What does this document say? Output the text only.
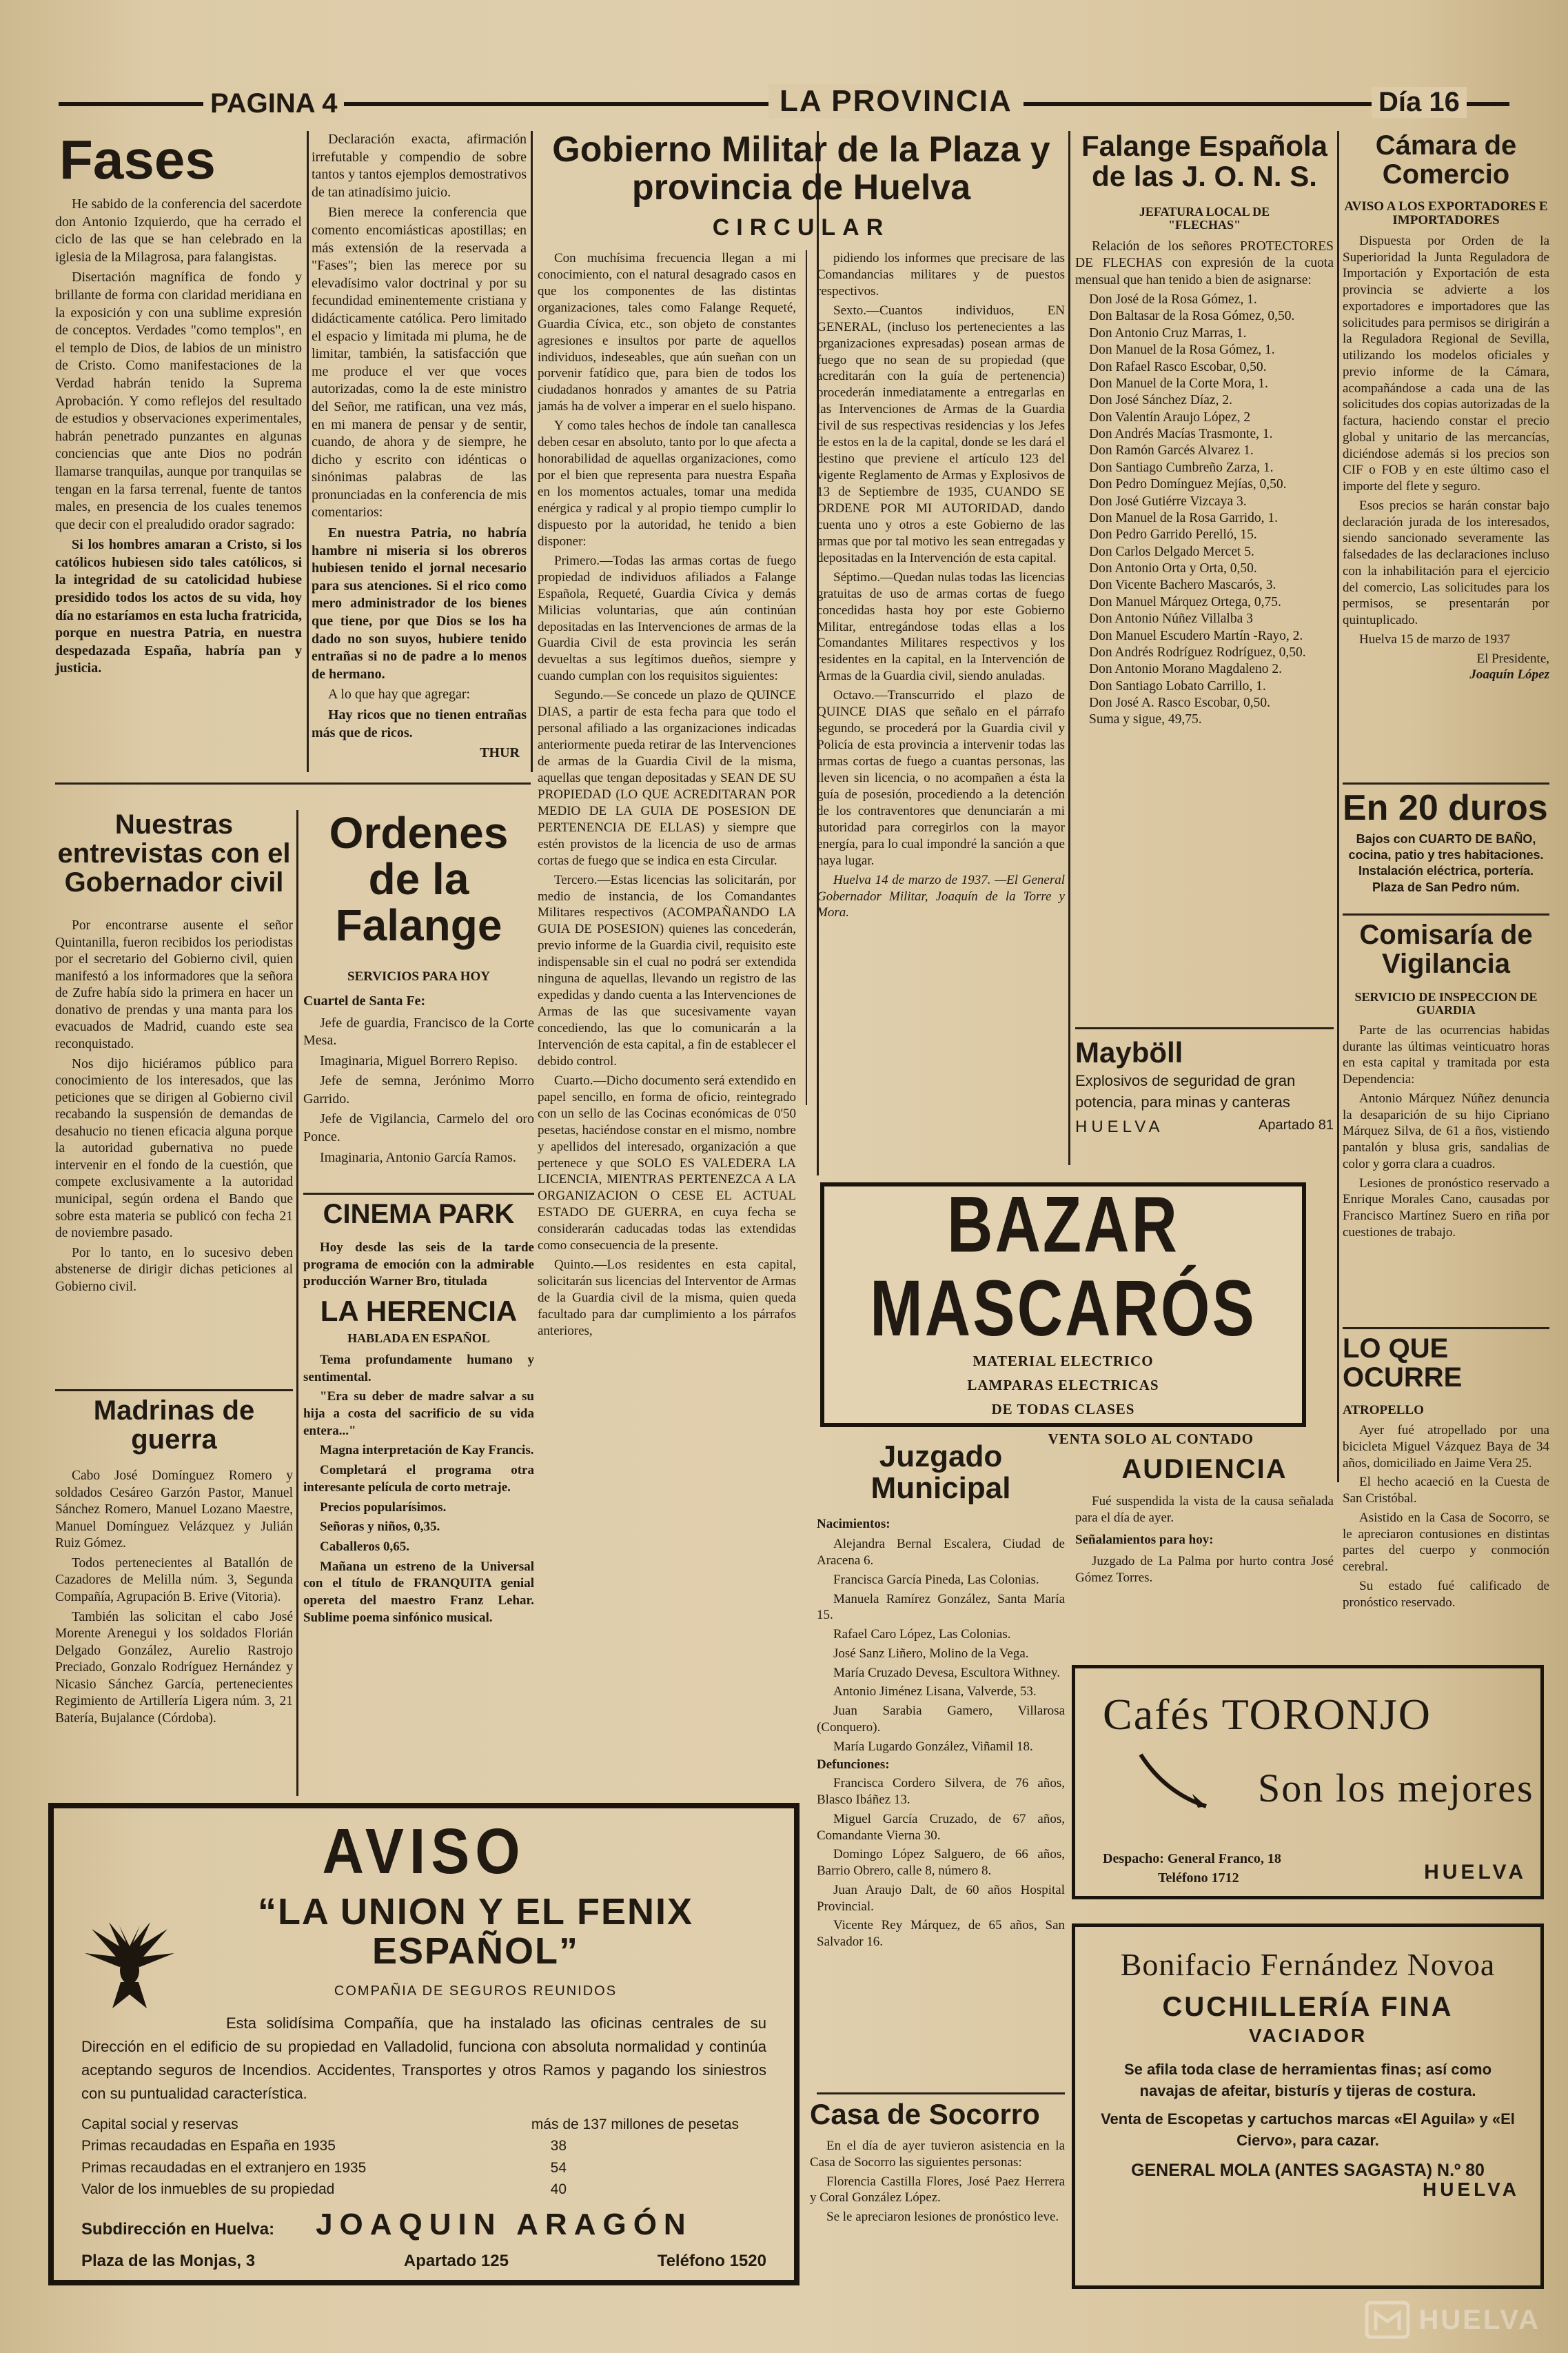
PAGINA 4	LA PROVINCIA	Día 16
Fases

He sabido de la conferencia del sacerdote don Antonio Izquierdo, que ha cerrado el ciclo de las que se han celebrado en la iglesia de la Milagrosa, para falangistas.

Disertación magnífica de fondo y brillante de forma con claridad meridiana en la exposición y con una sublime expresión de conceptos. Verdades "como templos", en el templo de Dios, de labios de un ministro de Cristo. Como manifestaciones de la Verdad habrán tenido la Suprema Aprobación. Y como reflejos del resultado de estudios y observaciones experimentales, habrán penetrado punzantes en algunas conciencias que ante Dios no podrán llamarse tranquilas, aunque por tranquilas se tengan en la farsa terrenal, fuente de tantos males, en presencia de los cuales tenemos que decir con el prealudido orador sagrado:

Si los hombres amaran a Cristo, si los católicos hubiesen sido tales católicos, si la integridad de su catolicidad hubiese presidido todos los actos de su vida, hoy día no estaríamos en esta lucha fratricida, porque en nuestra Patria, en nuestra despedazada España, habría pan y justicia.

Declaración exacta, afirmación irrefutable y compendio de sobre tantos y tantos ejemplos demostrativos de tan atinadísimo juicio.

Bien merece la conferencia que comento encomiásticas apostillas; en más extensión de la reservada a "Fases"; bien las merece por su elevadísimo valor doctrinal y por su fecundidad eminentemente cristiana y didácticamente católica. Pero limitado el espacio y limitada mi pluma, he de limitar, también, la satisfacción que me produce el ver que voces autorizadas, como la de este ministro del Señor, me ratifican, una vez más, en mi manera de pensar y de sentir, cuando, de ahora y de siempre, he dicho y escrito con idénticas o sinónimas palabras de las pronunciadas en la conferencia de mis comentarios:

En nuestra Patria, no habría hambre ni miseria si los obreros hubiesen tenido el jornal necesario para sus atenciones. Si el rico como mero administrador de los bienes que tiene, por que Dios se los ha dado no son suyos, hubiere tenido entrañas si no de padre a lo menos de hermano.

A lo que hay que agregar:

Hay ricos que no tienen entrañas más que de ricos.

THUR
Gobierno Militar de la Plaza y provincia de Huelva
CIRCULAR

Con muchísima frecuencia llegan a mi conocimiento, con el natural desagrado casos en que los componentes de las distintas organizaciones, tales como Falange Requeté, Guardia Cívica, etc., son objeto de constantes agresiones e insultos por parte de aquellos individuos, indeseables, que aún sueñan con un porvenir fatídico que, para bien de todos los ciudadanos honrados y amantes de su Patria jamás ha de volver a imperar en el suelo hispano.

Y como tales hechos de índole tan canallesca deben cesar en absoluto, tanto por lo que afecta a honorabilidad de aquellas organizaciones, como por el bien que representa para nuestra España en los momentos actuales, tomar una medida enérgica y radical y al propio tiempo cumplir lo dispuesto por la autoridad, he tenido a bien disponer:

Primero.—Todas las armas cortas de fuego propiedad de individuos afiliados a Falange Española, Requeté, Guardia Cívica y demás Milicias voluntarias, que aún continúan depositadas en las Intervenciones de armas de la Guardia Civil de esta provincia les serán devueltas a sus legítimos dueños, siempre y cuando cumplan con los requisitos siguientes:

Segundo.—Se concede un plazo de QUINCE DIAS, a partir de esta fecha para que todo el personal afiliado a las organizaciones indicadas anteriormente pueda retirar de las Intervenciones de armas de la Guardia Civil de la misma, aquellas que tengan depositadas y SEAN DE SU PROPIEDAD (LO QUE ACREDITARAN POR MEDIO DE LA GUIA DE POSESION DE PERTENENCIA DE ELLAS) y siempre que estén provistos de la licencia de uso de armas cortas de fuego que se indica en esta Circular.

Tercero.—Estas licencias las solicitarán, por medio de instancia, de los Comandantes Militares respectivos (ACOMPAÑANDO LA GUIA DE POSESION) quienes las concederán, previo informe de la Guardia civil, requisito este indispensable sin el cual no podrá ser extendida ninguna de aquellas, llevando un registro de las expedidas y dando cuenta a las Intervenciones de Armas de las que sucesivamente vayan concediendo, las que lo comunicarán a la Intervención de esta capital, a fin de establecer el debido control.

Cuarto.—Dicho documento será extendido en papel sencillo, en forma de oficio, reintegrado con un sello de las Cocinas económicas de 0'50 pesetas, haciéndose constar en el mismo, nombre y apellidos del interesado, organización a que pertenece y que SOLO ES VALEDERA LA LICENCIA, MIENTRAS PERTENEZCA A LA ORGANIZACION O CESE EL ACTUAL ESTADO DE GUERRA, en cuya fecha se considerarán caducadas todas las extendidas como consecuencia de la presente.

Quinto.—Los residentes en esta capital, solicitarán sus licencias del Interventor de Armas de la Guardia civil de la misma, quien queda facultado para dar cumplimiento a los párrafos anteriores,

pidiendo los informes que precisare de las Comandancias militares y de puestos respectivos.

Sexto.—Cuantos individuos, EN GENERAL, (incluso los pertenecientes a las organizaciones expresadas) posean armas de fuego que no sean de su propiedad (que acreditarán con la guía de pertenencia) procederán inmediatamente a entregarlas en las Intervenciones de Armas de la Guardia civil de sus respectivas residencias y los Jefes de estos en la de la capital, donde se les dará el destino que previene el artículo 123 del vigente Reglamento de Armas y Explosivos de 13 de Septiembre de 1935, CUANDO SE ORDENE POR MI AUTORIDAD, dando cuenta uno y otros a este Gobierno de las armas que por tal motivo les sean entregadas y depositadas en la Intervención de esta capital.

Séptimo.—Quedan nulas todas las licencias gratuitas de uso de armas cortas de fuego concedidas hasta hoy por este Gobierno Militar, entregándose todas ellas a los Comandantes Militares respectivos y los residentes en la capital, en la Intervención de Armas de la Guardia civil, siendo anuladas.

Octavo.—Transcurrido el plazo de QUINCE DIAS que señalo en el párrafo segundo, se procederá por la Guardia civil y Policía de esta provincia a intervenir todas las armas cortas de fuego a cuantas personas, las lleven sin licencia, o no acompañen a ésta la guía de posesión, procediendo a la detención de los contraventores que denunciarán a mi autoridad para corregirlos con la mayor energía, para lo cual impondré la sanción a que haya lugar.

Huelva 14 de marzo de 1937. —El General Gobernador Militar, Joaquín de la Torre y Mora.

Falange Española de las J. O. N. S.
JEFATURA LOCAL DE "FLECHAS"

Relación de los señores PROTECTORES DE FLECHAS con expresión de la cuota mensual que han tenido a bien de asignarse:

Don José de la Rosa Gómez, 1.
Don Baltasar de la Rosa Gómez, 0,50.
Don Antonio Cruz Marras, 1.
Don Manuel de la Rosa Gómez, 1.
Don Rafael Rasco Escobar, 0,50.
Don Manuel de la Corte Mora, 1.
Don José Sánchez Díaz, 2.
Don Valentín Araujo López, 2
Don Andrés Macías Trasmonte, 1.
Don Ramón Garcés Alvarez 1.
Don Santiago Cumbreño Zarza, 1.
Don Pedro Domínguez Mejías, 0,50.
Don José Gutiérre Vizcaya 3.
Don Manuel de la Rosa Garrido, 1.
Don Pedro Garrido Perelló, 15.
Don Carlos Delgado Mercet 5.
Don Antonio Orta y Orta, 0,50.
Don Vicente Bachero Mascarós, 3.
Don Manuel Márquez Ortega, 0,75.
Don Antonio Núñez Villalba 3
Don Manuel Escudero Martín -Rayo, 2.
Don Andrés Rodríguez Rodríguez, 0,50.
Don Antonio Morano Magdaleno 2.
Don Santiago Lobato Carrillo, 1.
Don José A. Rasco Escobar, 0,50.
Suma y sigue, 49,75.
Mayböll
Explosivos de seguridad de gran potencia, para minas y canteras
HUELVA	Apartado 81
Cámara de Comercio
AVISO A LOS EXPORTADORES E IMPORTADORES

Dispuesta por Orden de la Superioridad la Junta Reguladora de Importación y Exportación de esta provincia se advierte a los exportadores e importadores que las solicitudes para permisos se dirigirán a la Reguladora Regional de Sevilla, utilizando los modelos oficiales y previo informe de la Cámara, acompañándose a cada una de las solicitudes dos copias autorizadas de la factura, haciendo constar el precio global y unitario de las mercancías, diciéndose además si los precios son CIF o FOB y en este último caso el importe del flete y seguro.

Esos precios se harán constar bajo declaración jurada de los interesados, siendo sancionado severamente las falsedades de las declaraciones incluso con la inhabilitación para el ejercicio del comercio, Las solicitudes para los permisos, se presentarán por quintuplicado.

Huelva 15 de marzo de 1937

El Presidente,
Joaquín López
En 20 duros
Bajos con CUARTO DE BAÑO, cocina, patio y tres habitaciones. Instalación eléctrica, portería. Plaza de San Pedro núm.
Comisaría de Vigilancia
SERVICIO DE INSPECCION DE GUARDIA

Parte de las ocurrencias habidas durante las últimas veinticuatro horas en esta capital y tramitada por esta Dependencia:

Antonio Márquez Núñez denuncia la desaparición de su hijo Cipriano Márquez Silva, de 61 a ños, vistiendo pantalón y blusa gris, sandalias de color y gorra clara a cuadros.

Lesiones de pronóstico reservado a Enrique Morales Cano, causadas por Francisco Martínez Suero en riña por cuestiones de trabajo.

LO QUE OCURRE
ATROPELLO

Ayer fué atropellado por una bicicleta Miguel Vázquez Baya de 34 años, domiciliado en Jaime Vera 25.

El hecho acaeció en la Cuesta de San Cristóbal.

Asistido en la Casa de Socorro, se le apreciaron contusiones en distintas partes del cuerpo y conmoción cerebral.

Su estado fué calificado de pronóstico reservado.

Nuestras entrevistas con el Gobernador civil

Por encontrarse ausente el señor Quintanilla, fueron recibidos los periodistas por el secretario del Gobierno civil, quien manifestó a los informadores que la señora de Zufre había sido la primera en hacer un donativo de prendas y una manta para los evacuados de Madrid, cuando este sea reconquistado.

Nos dijo hiciéramos público para conocimiento de los interesados, que las peticiones que se dirigen al Gobierno civil recabando la suspensión de demandas de desahucio no tienen eficacia alguna porque la autoridad gubernativa no puede intervenir en el fondo de la cuestión, que compete exclusivamente a la autoridad municipal, según ordena el Bando que sobre esta materia se publicó con fecha 21 de noviembre pasado.

Por lo tanto, en lo sucesivo deben abstenerse de dirigir dichas peticiones al Gobierno civil.

Madrinas de guerra

Cabo José Domínguez Romero y soldados Cesáreo Garzón Pastor, Manuel Sánchez Romero, Manuel Lozano Maestre, Manuel Domínguez Velázquez y Julián Ruiz Gómez.

Todos pertenecientes al Batallón de Cazadores de Melilla núm. 3, Segunda Compañía, Agrupación B. Erive (Vitoria).

También las solicitan el cabo José Morente Arenegui y los soldados Florián Delgado González, Aurelio Rastrojo Preciado, Gonzalo Rodríguez Hernández y Nicasio Sánchez García, pertenecientes Regimiento de Artillería Ligera núm. 3, 21 Batería, Bujalance (Córdoba).

Ordenes de la Falange
SERVICIOS PARA HOY
Cuartel de Santa Fe:

Jefe de guardia, Francisco de la Corte Mesa.

Imaginaria, Miguel Borrero Repiso.

Jefe de semna, Jerónimo Morro Garrido.

Jefe de Vigilancia, Carmelo del oro Ponce.

Imaginaria, Antonio García Ramos.

CINEMA PARK

Hoy desde las seis de la tarde programa de emoción con la admirable producción Warner Bro, titulada

LA HERENCIA
HABLADA EN ESPAÑOL

Tema profundamente humano y sentimental.

"Era su deber de madre salvar a su hija a costa del sacrificio de su vida entera..."

Magna interpretación de Kay Francis.

Completará el programa otra interesante película de corto metraje.

Precios popularísimos.

Señoras y niños, 0,35.

Caballeros 0,65.

Mañana un estreno de la Universal con el título de FRANQUITA genial opereta del maestro Franz Lehar. Sublime poema sinfónico musical.

BAZAR MASCARÓS
MATERIAL ELECTRICO
LAMPARAS ELECTRICAS
DE TODAS CLASES
VENTA SOLO AL CONTADO
Juzgado Municipal
Nacimientos:

Alejandra Bernal Escalera, Ciudad de Aracena 6.

Francisca García Pineda, Las Colonias.

Manuela Ramírez González, Santa María 15.

Rafael Caro López, Las Colonias.

José Sanz Liñero, Molino de la Vega.

María Cruzado Devesa, Escultora Withney.

Antonio Jiménez Lisana, Valverde, 53.

Juan Sarabia Gamero, Villarosa (Conquero).

María Lugardo González, Viñamil 18.

Defunciones:

Francisca Cordero Silvera, de 76 años, Blasco Ibáñez 13.

Miguel García Cruzado, de 67 años, Comandante Vierna 30.

Domingo López Salguero, de 66 años, Barrio Obrero, calle 8, número 8.

Juan Araujo Dalt, de 60 años Hospital Provincial.

Vicente Rey Márquez, de 65 años, San Salvador 16.

Casa de Socorro

En el día de ayer tuvieron asistencia en la Casa de Socorro las siguientes personas:

Florencia Castilla Flores, José Paez Herrera y Coral González López.

Se le apreciaron lesiones de pronóstico leve.

AUDIENCIA

Fué suspendida la vista de la causa señalada para el día de ayer.

Señalamientos para hoy:

Juzgado de La Palma por hurto contra José Gómez Torres.

Cafés TORONJO
Son los mejores
Despacho: General Franco, 18
Teléfono 1712	HUELVA
Bonifacio Fernández Novoa
CUCHILLERÍA FINA
VACIADOR
Se afila toda clase de herramientas finas; así como navajas de afeitar, bisturís y tijeras de costura.
Venta de Escopetas y cartuchos marcas «El Aguila» y «El Ciervo», para cazar.
GENERAL MOLA (ANTES SAGASTA) N.º 80
HUELVA
AVISO
“LA UNION Y EL FENIX ESPAÑOL”
COMPAÑIA DE SEGUROS REUNIDOS
Esta solidísima Compañía, que ha instalado las oficinas centrales de su Dirección en el edificio de su propiedad en Valladolid, funciona con absoluta normalidad y continúa aceptando seguros de Incendios. Accidentes, Transportes y otros Ramos y pagando los siniestros con su puntualidad característica.
Capital social y reservas	más de 137 millones de pesetas
Primas recaudadas en España en 1935	38
Primas recaudadas en el extranjero en 1935	54
Valor de los inmuebles de su propiedad	40
Subdirección en Huelva: JOAQUIN ARAGÓN
Plaza de las Monjas, 3	Apartado 125	Teléfono 1520
HUELVA
